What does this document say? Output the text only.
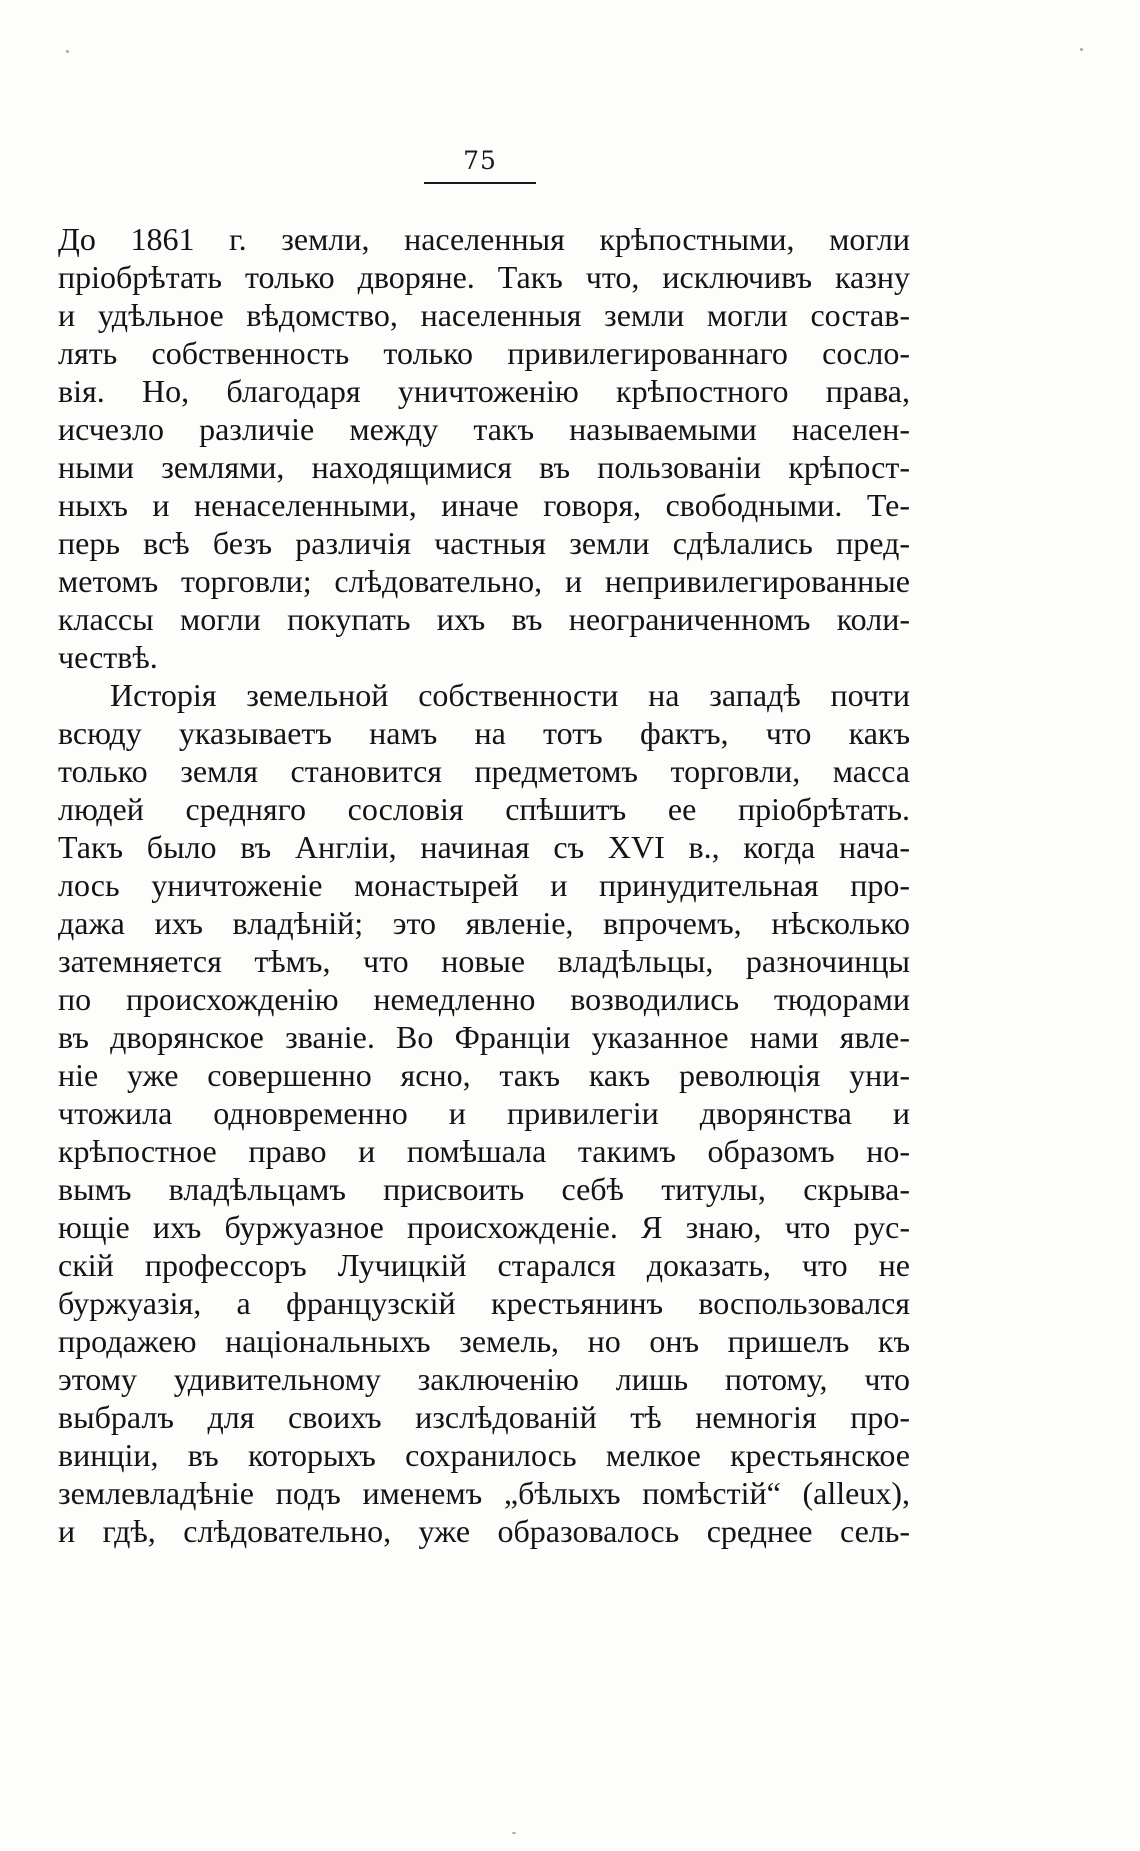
75
До 1861 г. земли, населенныя крѣпостными, могли
пріобрѣтать только дворяне. Такъ что, исключивъ казну
и удѣльное вѣдомство, населенныя земли могли состав-
лять собственность только привилегированнаго сосло-
вія. Но, благодаря уничтоженію крѣпостного права,
исчезло различіе между такъ называемыми населен-
ными землями, находящимися въ пользованіи крѣпост-
ныхъ и ненаселенными, иначе говоря, свободными. Те-
перь всѣ безъ различія частныя земли сдѣлались пред-
метомъ торговли; слѣдовательно, и непривилегированные
классы могли покупать ихъ въ неограниченномъ коли-
чествѣ.
Исторія земельной собственности на западѣ почти
всюду указываетъ намъ на тотъ фактъ, что какъ
только земля становится предметомъ торговли, масса
людей средняго сословія спѣшитъ ее пріобрѣтать.
Такъ было въ Англіи, начиная съ XVI в., когда нача-
лось уничтоженіе монастырей и принудительная про-
дажа ихъ владѣній; это явленіе, впрочемъ, нѣсколько
затемняется тѣмъ, что новые владѣльцы, разночинцы
по происхожденію немедленно возводились тюдорами
въ дворянское званіе. Во Франціи указанное нами явле-
ніе уже совершенно ясно, такъ какъ революція уни-
чтожила одновременно и привилегіи дворянства и
крѣпостное право и помѣшала такимъ образомъ но-
вымъ владѣльцамъ присвоить себѣ титулы, скрыва-
ющіе ихъ буржуазное происхожденіе. Я знаю, что рус-
скій профессоръ Лучицкій старался доказать, что не
буржуазія, а французскій крестьянинъ воспользовался
продажею національныхъ земель, но онъ пришелъ къ
этому удивительному заключенію лишь потому, что
выбралъ для своихъ изслѣдованій тѣ немногія про-
винціи, въ которыхъ сохранилось мелкое крестьянское
землевладѣніе подъ именемъ „бѣлыхъ помѣстій“ (alleux),
и гдѣ, слѣдовательно, уже образовалось среднее сель-
